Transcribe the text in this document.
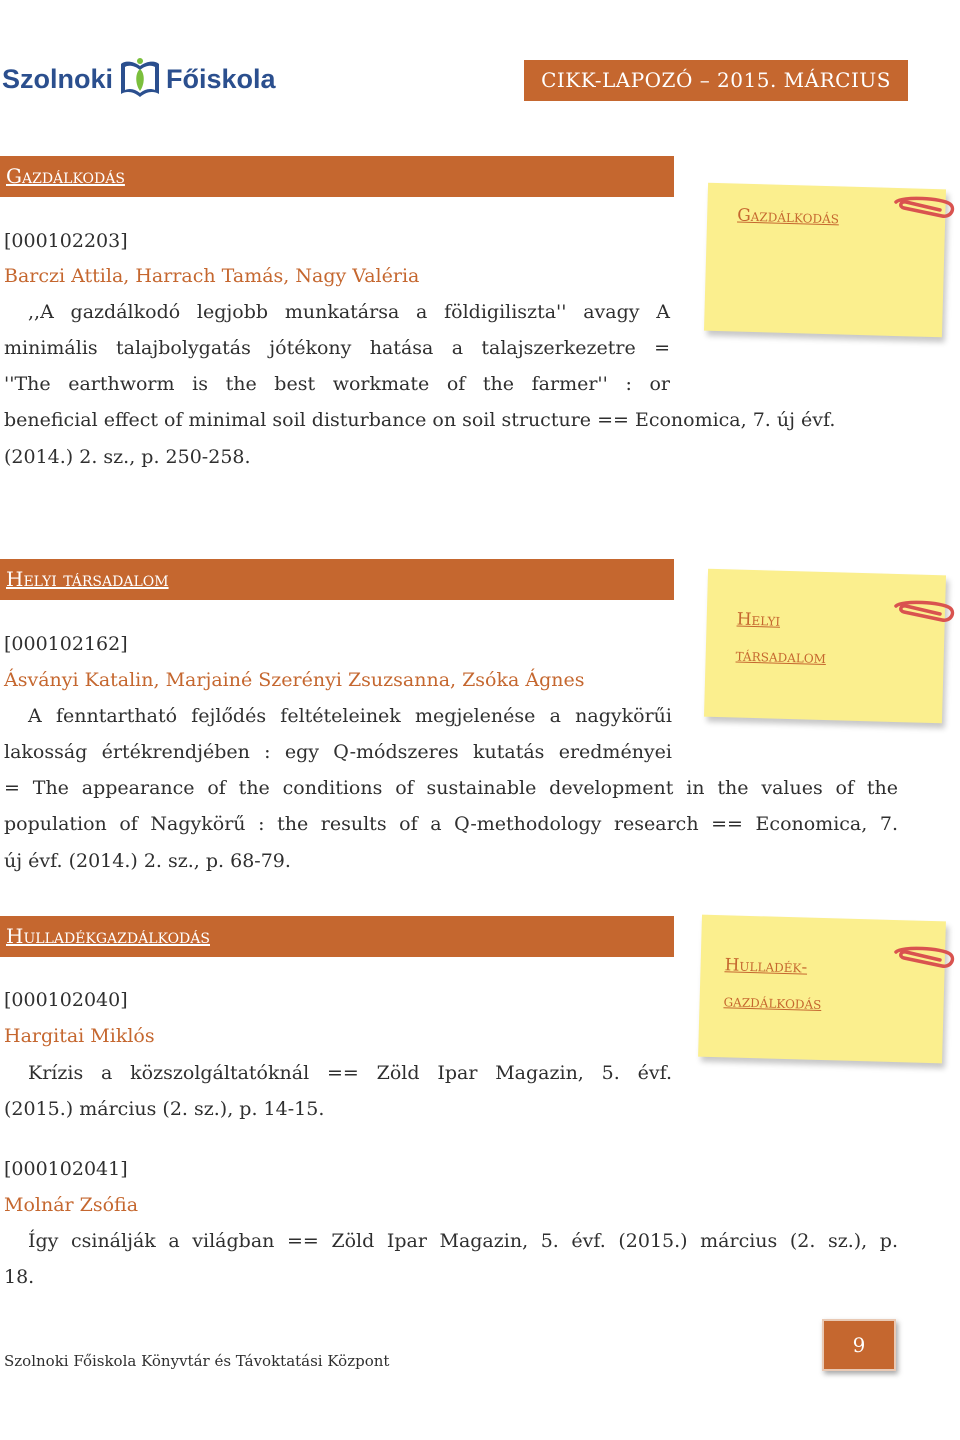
Szolnoki Főiskola	CIKK-LAPOZÓ – 2015. MÁRCIUS
Gazdálkodás
Gazdálkodás
[000102203]
Barczi Attila, Harrach Tamás, Nagy Valéria
,,A gazdálkodó legjobb munkatársa a földigiliszta'' avagy A
minimális talajbolygatás jótékony hatása a talajszerkezetre =
''The earthworm is the best workmate of the farmer'' : or
beneficial effect of minimal soil disturbance on soil structure == Economica, 7. új évf.
(2014.) 2. sz., p. 250-258.
Helyi társadalom
Helyi
társadalom
[000102162]
Ásványi Katalin, Marjainé Szerényi Zsuzsanna, Zsóka Ágnes
A fenntartható fejlődés feltételeinek megjelenése a nagykörűi
lakosság értékrendjében : egy Q-módszeres kutatás eredményei
= The appearance of the conditions of sustainable development in the values of the
population of Nagykörű : the results of a Q-methodology research == Economica, 7.
új évf. (2014.) 2. sz., p. 68-79.
Hulladékgazdálkodás
Hulladék-
gazdálkodás
[000102040]
Hargitai Miklós
Krízis a közszolgáltatóknál == Zöld Ipar Magazin, 5. évf.
(2015.) március (2. sz.), p. 14-15.
[000102041]
Molnár Zsófia
Így csinálják a világban == Zöld Ipar Magazin, 5. évf. (2015.) március (2. sz.), p.
18.
Szolnoki Főiskola Könyvtár és Távoktatási Központ
9
